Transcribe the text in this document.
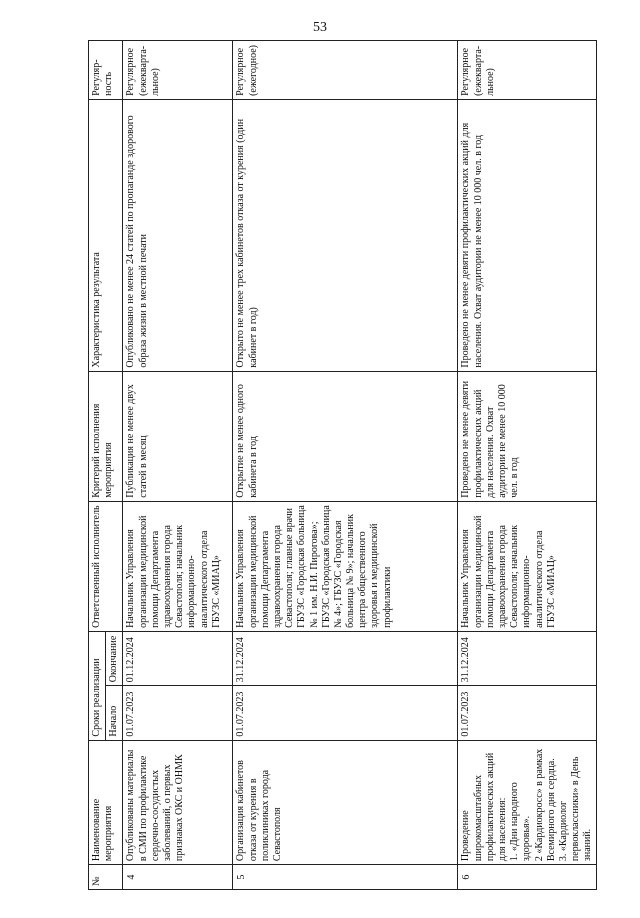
53
№	Наименование мероприятия	Сроки реализации		Ответственный исполнитель	Критерий исполнения мероприятия	Характеристика результата	Регуляр-ность
		Начало	Окончание				
4	Опубликованы материалы в СМИ по профилактике сердечно-сосудистых заболеваний, о первых признаках ОКС и ОНМК	01.07.2023	01.12.2024	Начальник Управления организации медицинской помощи Департамента здравоохранения города Севастополя; начальник информационно-аналитического отдела ГБУЗС «МИАЦ»	Публикация не менее двух статей в месяц	Опубликовано не менее 24 статей по пропаганде здорового образа жизни в местной печати	Регулярное (ежекварта-льное)
5	Организация кабинетов отказа от курения в поликлиниках города Севастополя	01.07.2023	31.12.2024	Начальник Управления организации медицинской помощи Департамента здравоохранения города Севастополя; главные врачи ГБУЗС «Городская больница № 1 им. Н.И. Пирогова»; ГБУЗС «Городская больница № 4»; ГБУЗС «Городская больница № 9»; начальник центра общественного здоровья и медицинской профилактики	Открытие не менее одного кабинета в год	Открыто не менее трех кабинетов отказа от курения (один кабинет в год)	Регулярное (ежегодное)
6	Проведение широкомасштабных профилактических акций для населения:
1. «Дни народного здоровья».
2 «Кардиокросс» в рамках Всемирного дня сердца.
3. «Кардиолог первоклассники» в День знаний.	01.07.2023	31.12.2024	Начальник Управления организации медицинской помощи Департамента здравоохранения города Севастополя; начальник информационно-аналитического отдела ГБУЗС «МИАЦ»	Проведено не менее девяти профилактических акций для населения. Охват аудитории не менее 10 000 чел. в год	Проведено не менее девяти профилактических акций для населения. Охват аудитории не менее 10 000 чел. в год	Регулярное (ежекварта-льное)
